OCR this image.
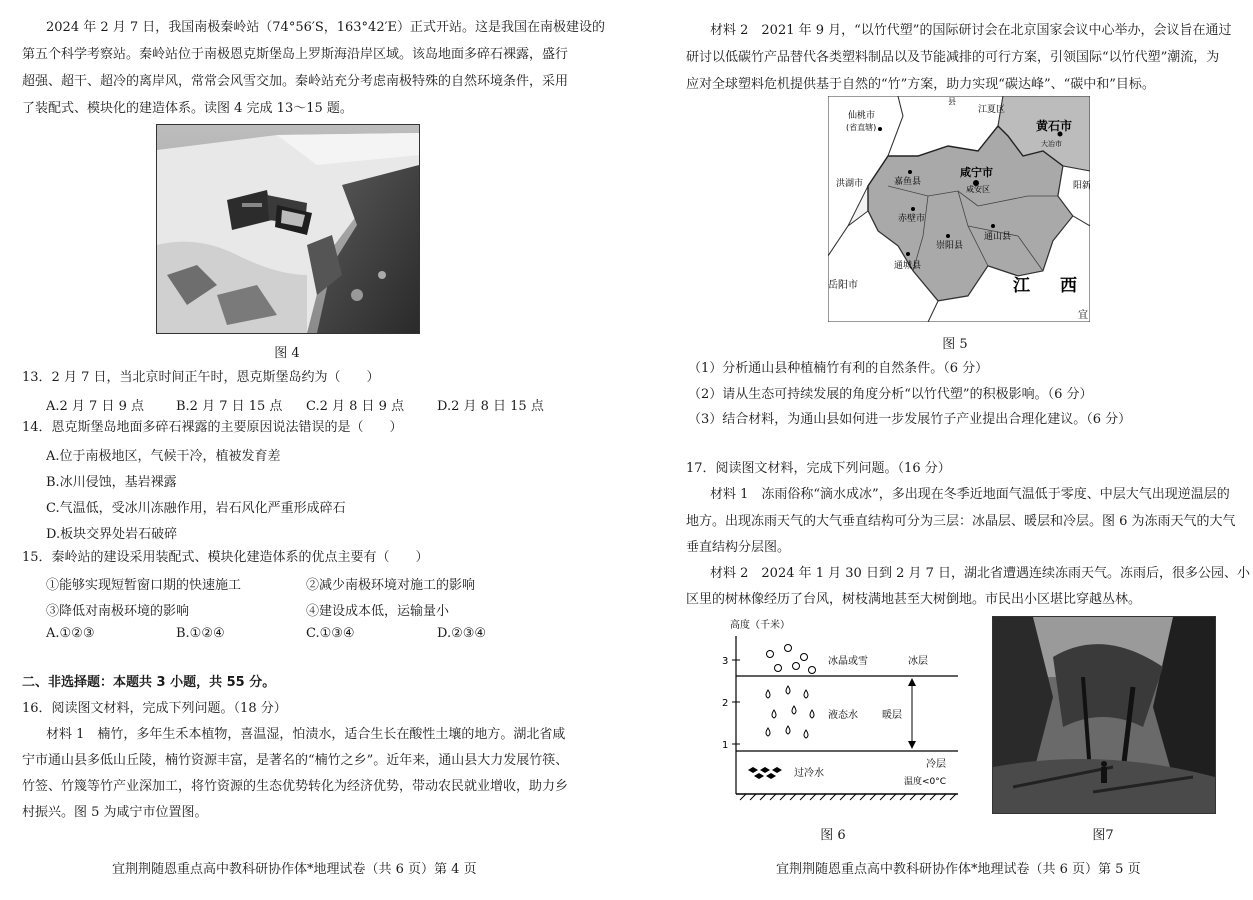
2024 年 2 月 7 日，我国南极秦岭站（74°56′S，163°42′E）正式开站。这是我国在南极建设的
第五个科学考察站。秦岭站位于南极恩克斯堡岛上罗斯海沿岸区域。该岛地面多碎石裸露，盛行
超强、超干、超冷的离岸风，常常会风雪交加。秦岭站充分考虑南极特殊的自然环境条件，采用
了装配式、模块化的建造体系。读图 4 完成 13～15 题。
图 4
13．2 月 7 日，当北京时间正午时，恩克斯堡岛约为（　　）
A.2 月 7 日 9 点 B.2 月 7 日 15 点 C.2 月 8 日 9 点	D.2 月 8 日 15 点
14．恩克斯堡岛地面多碎石裸露的主要原因说法错误的是（　　）
A.位于南极地区，气候干冷，植被发育差
B.冰川侵蚀，基岩裸露
C.气温低，受冰川冻融作用，岩石风化严重形成碎石
D.板块交界处岩石破碎
15．秦岭站的建设采用装配式、模块化建造体系的优点主要有（　　）
①能够实现短暂窗口期的快速施工	②减少南极环境对施工的影响
③降低对南极环境的影响	④建设成本低，运输量小
A.①②③	B.①②④	C.①③④	D.②③④
二、非选择题：本题共 3 小题，共 55 分。
16．阅读图文材料，完成下列问题。（18 分）
材料 1　楠竹，多年生禾本植物，喜温湿，怕渍水，适合生长在酸性土壤的地方。湖北省咸
宁市通山县多低山丘陵，楠竹资源丰富，是著名的“楠竹之乡”。近年来，通山县大力发展竹筷、
竹签、竹篾等竹产业深加工，将竹资源的生态优势转化为经济优势，带动农民就业增收，助力乡
村振兴。图 5 为咸宁市位置图。
宜荆荆随恩重点高中教科研协作体*地理试卷（共 6 页）第 4 页
材料 2　2021 年 9 月，“以竹代塑”的国际研讨会在北京国家会议中心举办，会议旨在通过
研讨以低碳竹产品替代各类塑料制品以及节能减排的可行方案，引领国际“以竹代塑”潮流，为
应对全球塑料危机提供基于自然的“竹”方案，助力实现“碳达峰”、“碳中和”目标。
仙桃市
(省直辖)	黄石市
大冶市
江夏区
县
咸宁市
咸安区
嘉鱼县
赤壁市
崇阳县
通山县
通城县
洪湖市
岳阳市
阳新
江 西
宜
图 5
（1）分析通山县种植楠竹有利的自然条件。（6 分）
（2）请从生态可持续发展的角度分析“以竹代塑”的积极影响。（6 分）
（3）结合材料，为通山县如何进一步发展竹子产业提出合理化建议。（6 分）
17．阅读图文材料，完成下列问题。（16 分）
材料 1　冻雨俗称“滴水成冰”，多出现在冬季近地面气温低于零度、中层大气出现逆温层的
地方。出现冻雨天气的大气垂直结构可分为三层：冰晶层、暖层和冷层。图 6 为冻雨天气的大气
垂直结构分层图。
材料 2　2024 年 1 月 30 日到 2 月 7 日，湖北省遭遇连续冻雨天气。冻雨后，很多公园、小
区里的树林像经历了台风，树枝满地甚至大树倒地。市民出小区堪比穿越丛林。
高度（千米）
3
2
1
冰晶或雪	冰层
液态水 暖层
过冷水
冷层
温度<0°C
图 6	图7
宜荆荆随恩重点高中教科研协作体*地理试卷（共 6 页）第 5 页
